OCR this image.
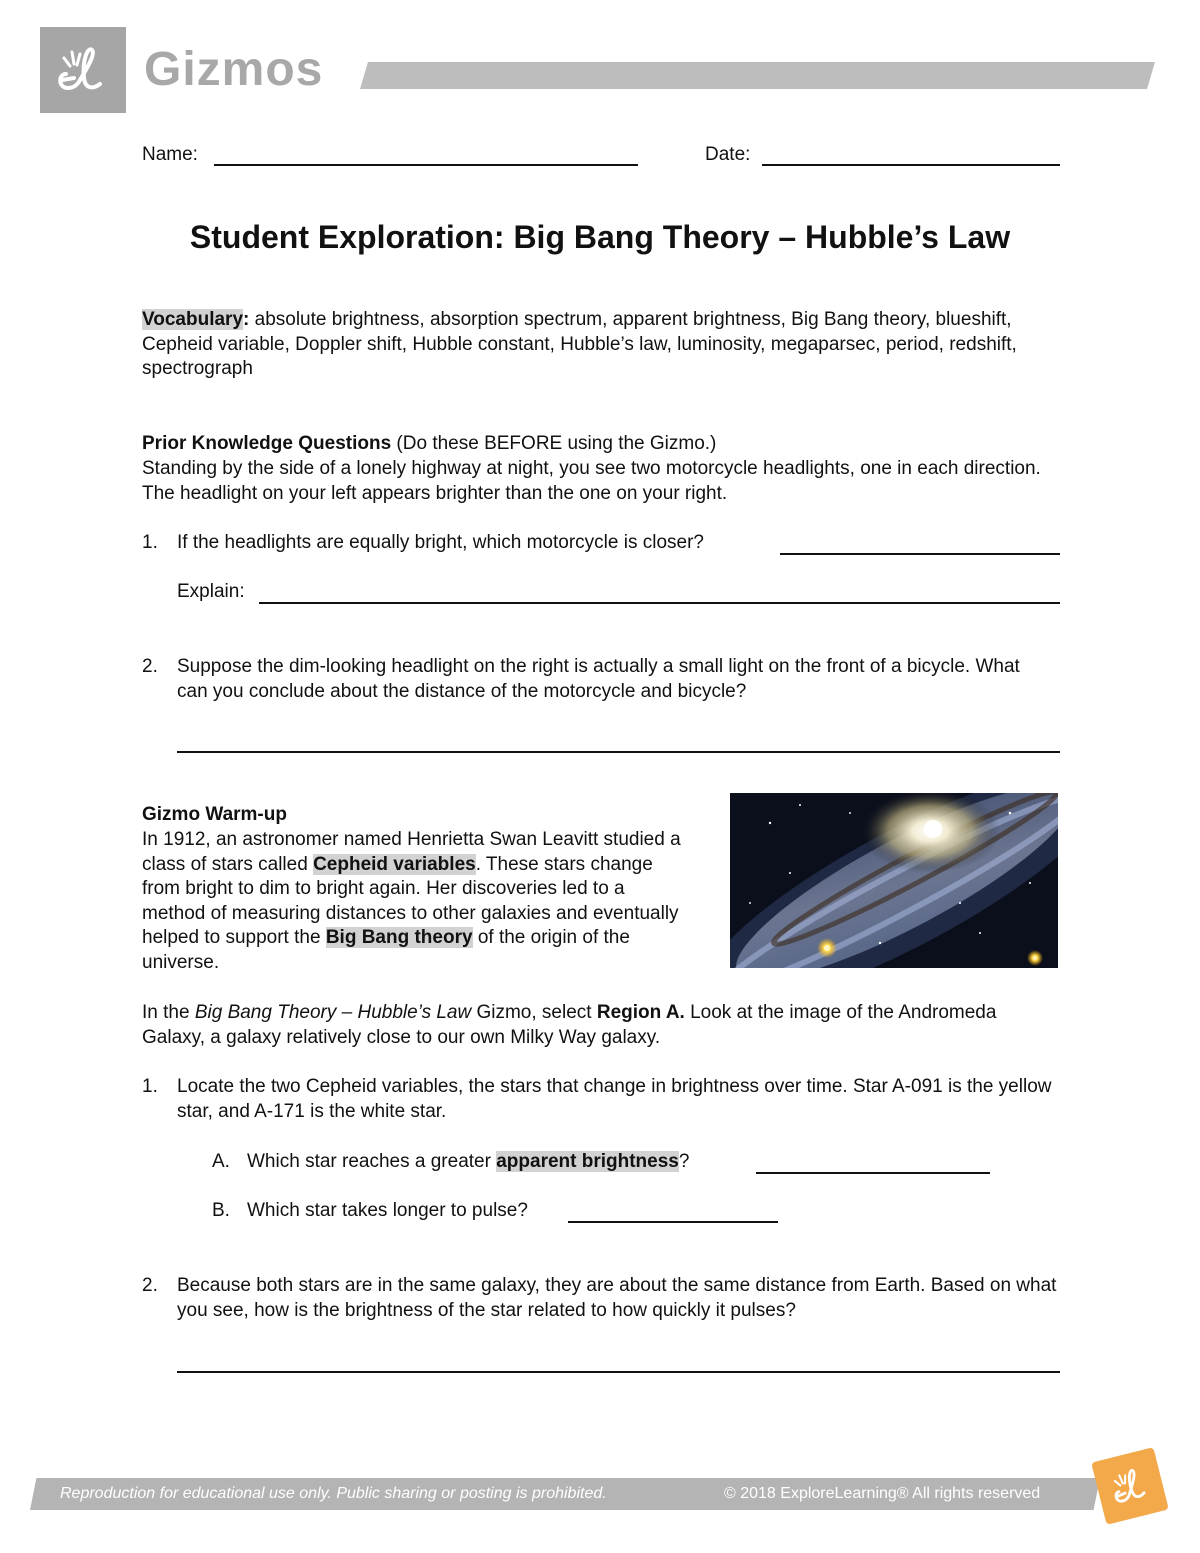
Gizmos
Name:	Date:
Student Exploration: Big Bang Theory – Hubble’s Law
Vocabulary: absolute brightness, absorption spectrum, apparent brightness, Big Bang theory, blueshift, Cepheid variable, Doppler shift, Hubble constant, Hubble’s law, luminosity, megaparsec, period, redshift, spectrograph
Prior Knowledge Questions (Do these BEFORE using the Gizmo.)
Standing by the side of a lonely highway at night, you see two motorcycle headlights, one in each direction. The headlight on your left appears brighter than the one on your right.
1. If the headlights are equally bright, which motorcycle is closer?
Explain:
2. Suppose the dim-looking headlight on the right is actually a small light on the front of a bicycle. What can you conclude about the distance of the motorcycle and bicycle?
Gizmo Warm-up
In 1912, an astronomer named Henrietta Swan Leavitt studied a class of stars called Cepheid variables. These stars change from bright to dim to bright again. Her discoveries led to a method of measuring distances to other galaxies and eventually helped to support the Big Bang theory of the origin of the universe.
In the Big Bang Theory – Hubble’s Law Gizmo, select Region A. Look at the image of the Andromeda Galaxy, a galaxy relatively close to our own Milky Way galaxy.
1. Locate the two Cepheid variables, the stars that change in brightness over time. Star A-091 is the yellow star, and A-171 is the white star.
A. Which star reaches a greater apparent brightness?
B. Which star takes longer to pulse?
2. Because both stars are in the same galaxy, they are about the same distance from Earth. Based on what you see, how is the brightness of the star related to how quickly it pulses?
Reproduction for educational use only. Public sharing or posting is prohibited.	© 2018 ExploreLearning® All rights reserved
